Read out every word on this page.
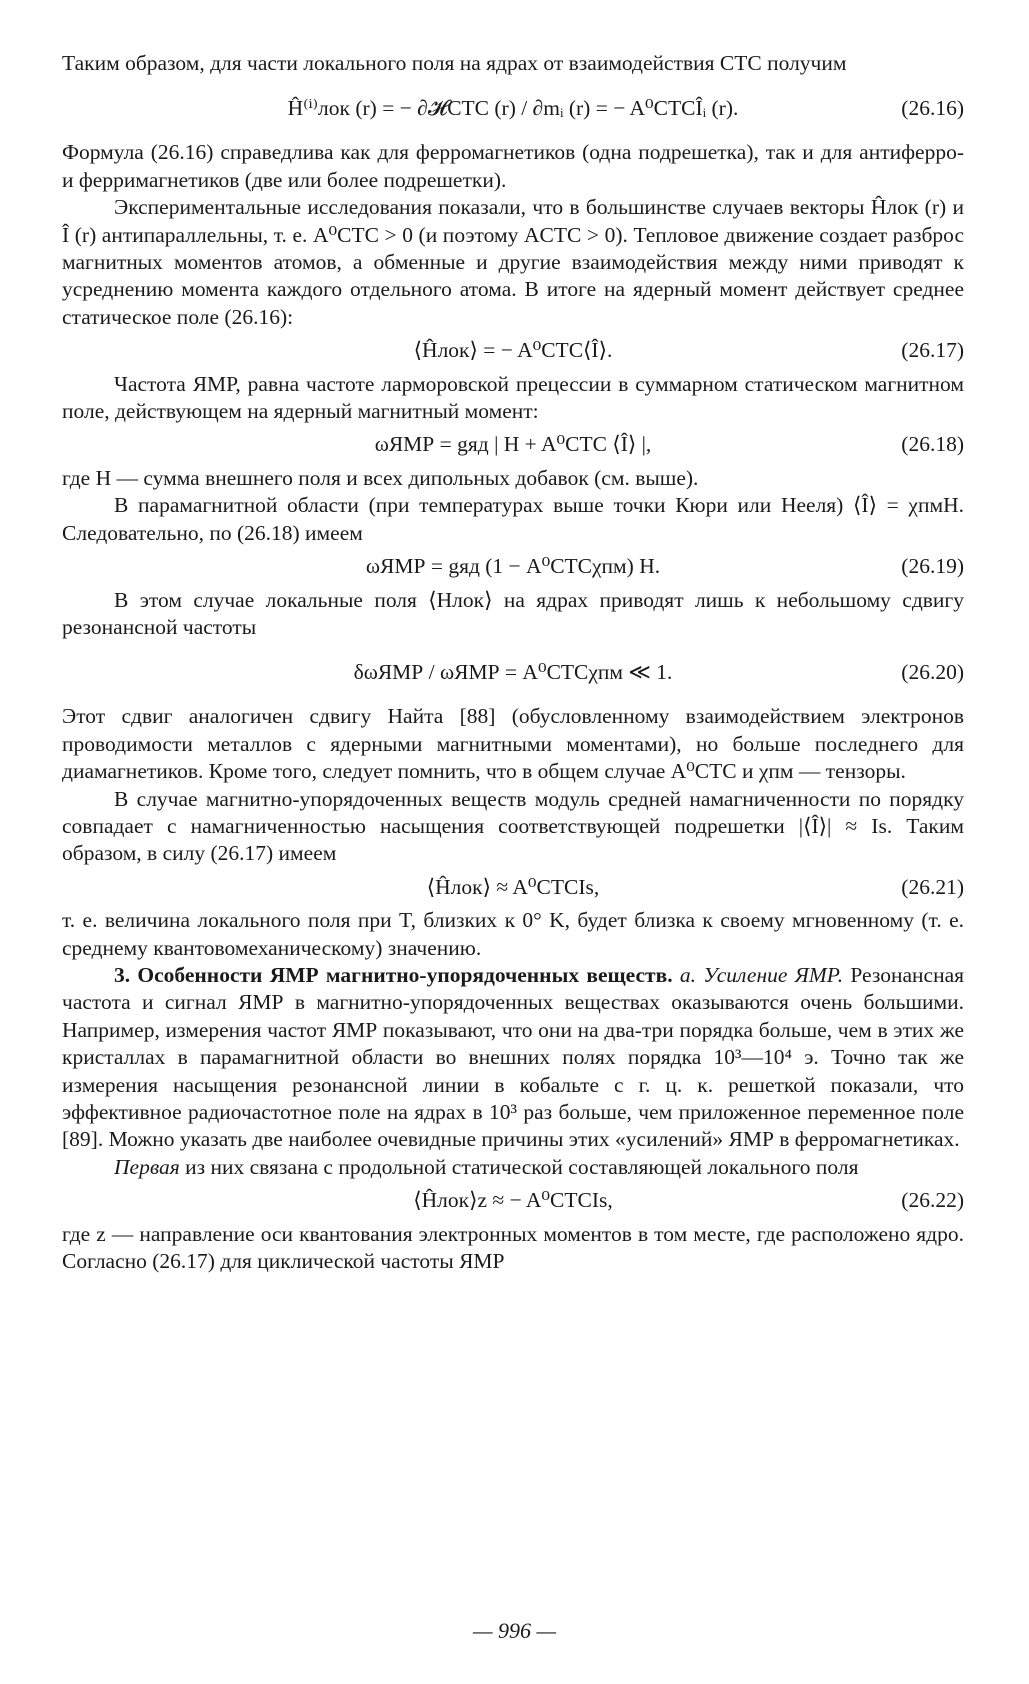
Таким образом, для части локального поля на ядрах от взаимодействия СТС получим

Ĥ⁽ⁱ⁾лок (r) = − ∂𝓗СТС (r) / ∂mᵢ (r) = − A⁰СТСÎᵢ (r).	(26.16)

Формула (26.16) справедлива как для ферромагнетиков (одна подрешетка), так и для антиферро- и ферримагнетиков (две или более подрешетки).

Экспериментальные исследования показали, что в большинстве случаев векторы Ĥлок (r) и Î (r) антипараллельны, т. е. A⁰СТС > 0 (и поэтому AСТС > 0). Тепловое движение создает разброс магнитных моментов атомов, а обменные и другие взаимодействия между ними приводят к усреднению момента каждого отдельного атома. В итоге на ядерный момент действует среднее статическое поле (26.16):

⟨Ĥлок⟩ = − A⁰СТС⟨Î⟩.	(26.17)

Частота ЯМР, равна частоте ларморовской прецессии в суммарном статическом магнитном поле, действующем на ядерный магнитный момент:

ωЯМР = gяд | H + A⁰СТС ⟨Î⟩ |,	(26.18)

где H — сумма внешнего поля и всех дипольных добавок (см. выше).

В парамагнитной области (при температурах выше точки Кюри или Нееля) ⟨Î⟩ = χпмH. Следовательно, по (26.18) имеем

ωЯМР = gяд (1 − A⁰СТСχпм) H.	(26.19)

В этом случае локальные поля ⟨Hлок⟩ на ядрах приводят лишь к небольшому сдвигу резонансной частоты

δωЯМР / ωЯМР = A⁰СТСχпм ≪ 1.	(26.20)

Этот сдвиг аналогичен сдвигу Найта [88] (обусловленному взаимодействием электронов проводимости металлов с ядерными магнитными моментами), но больше последнего для диамагнетиков. Кроме того, следует помнить, что в общем случае A⁰СТС и χпм — тензоры.

В случае магнитно-упорядоченных веществ модуль средней намагниченности по порядку совпадает с намагниченностью насыщения соответствующей подрешетки |⟨Î⟩| ≈ Is. Таким образом, в силу (26.17) имеем

⟨Ĥлок⟩ ≈ A⁰СТСIs,	(26.21)

т. е. величина локального поля при T, близких к 0° K, будет близка к своему мгновенному (т. е. среднему квантовомеханическому) значению.

3. Особенности ЯМР магнитно-упорядоченных веществ. а. Усиление ЯМР. Резонансная частота и сигнал ЯМР в магнитно-упорядоченных веществах оказываются очень большими. Например, измерения частот ЯМР показывают, что они на два-три порядка больше, чем в этих же кристаллах в парамагнитной области во внешних полях порядка 10³—10⁴ э. Точно так же измерения насыщения резонансной линии в кобальте с г. ц. к. решеткой показали, что эффективное радиочастотное поле на ядрах в 10³ раз больше, чем приложенное переменное поле [89]. Можно указать две наиболее очевидные причины этих «усилений» ЯМР в ферромагнетиках.

Первая из них связана с продольной статической составляющей локального поля

⟨Ĥлок⟩z ≈ − A⁰СТСIs,	(26.22)

где z — направление оси квантования электронных моментов в том месте, где расположено ядро. Согласно (26.17) для циклической частоты ЯМР

— 996 —
